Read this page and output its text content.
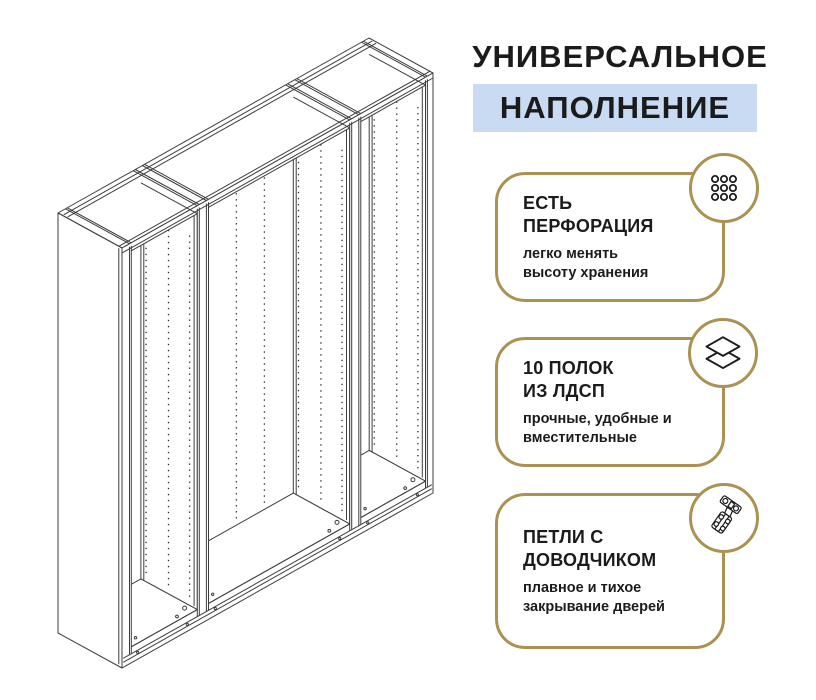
УНИВЕРСАЛЬНОЕ
НАПОЛНЕНИЕ
ЕСТЬ
ПЕРФОРАЦИЯ
легко менять
высоту хранения
10 ПОЛОК
ИЗ ЛДСП
прочные, удобные и
вместительные
ПЕТЛИ С
ДОВОДЧИКОМ
плавное и тихое
закрывание дверей
